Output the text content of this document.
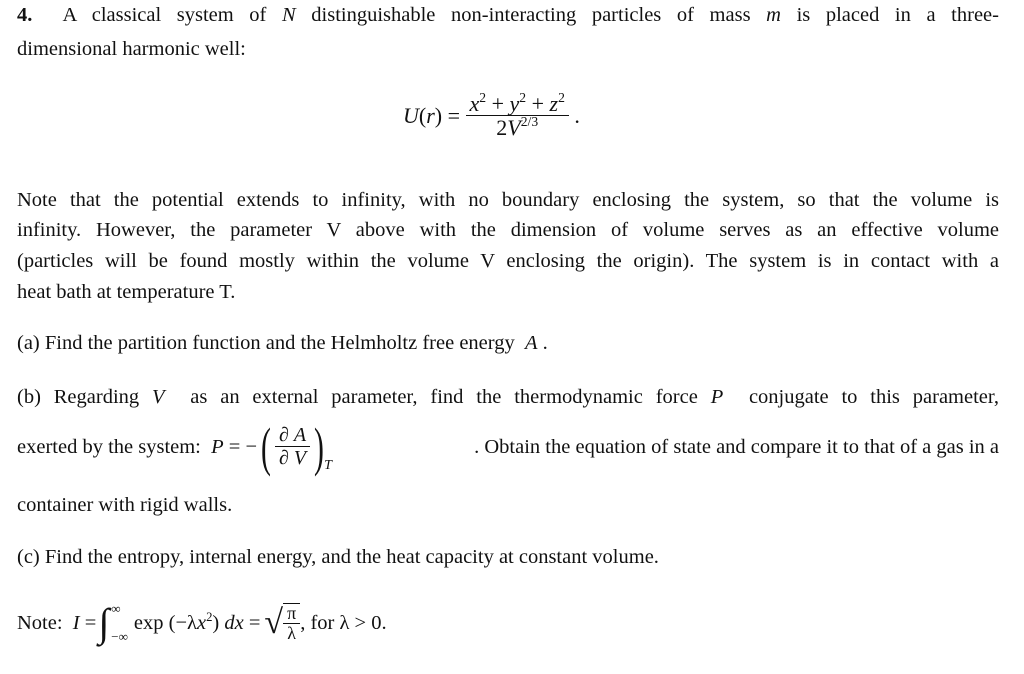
4.  A classical system of N distinguishable non-interacting particles of mass m is placed in a three-
dimensional harmonic well:
$U(r) = \frac{x^2 + y^2 + z^2}{2V^{2/3}}$ .
Note that the potential extends to infinity, with no boundary enclosing the system, so that the volume is
infinity. However, the parameter V above with the dimension of volume serves as an effective volume
(particles will be found mostly within the volume V enclosing the origin). The system is in contact with a
heat bath at temperature T.
(a) Find the partition function and the Helmholtz free energy  A .
(b) Regarding V  as an external parameter, find the thermodynamic force P  conjugate to this parameter,
exerted by the system:  P = − ( $\frac{\partial A}{\partial V}$ ) T
. Obtain the equation of state and compare it to that of a gas in a
container with rigid walls.
(c) Find the entropy, internal energy, and the heat capacity at constant volume.
Note: I = ∫ ∞
−∞
$\exp (-\lambda x^2)$ dx = √ $\frac{\pi}{\lambda}$ , for λ > 0.
